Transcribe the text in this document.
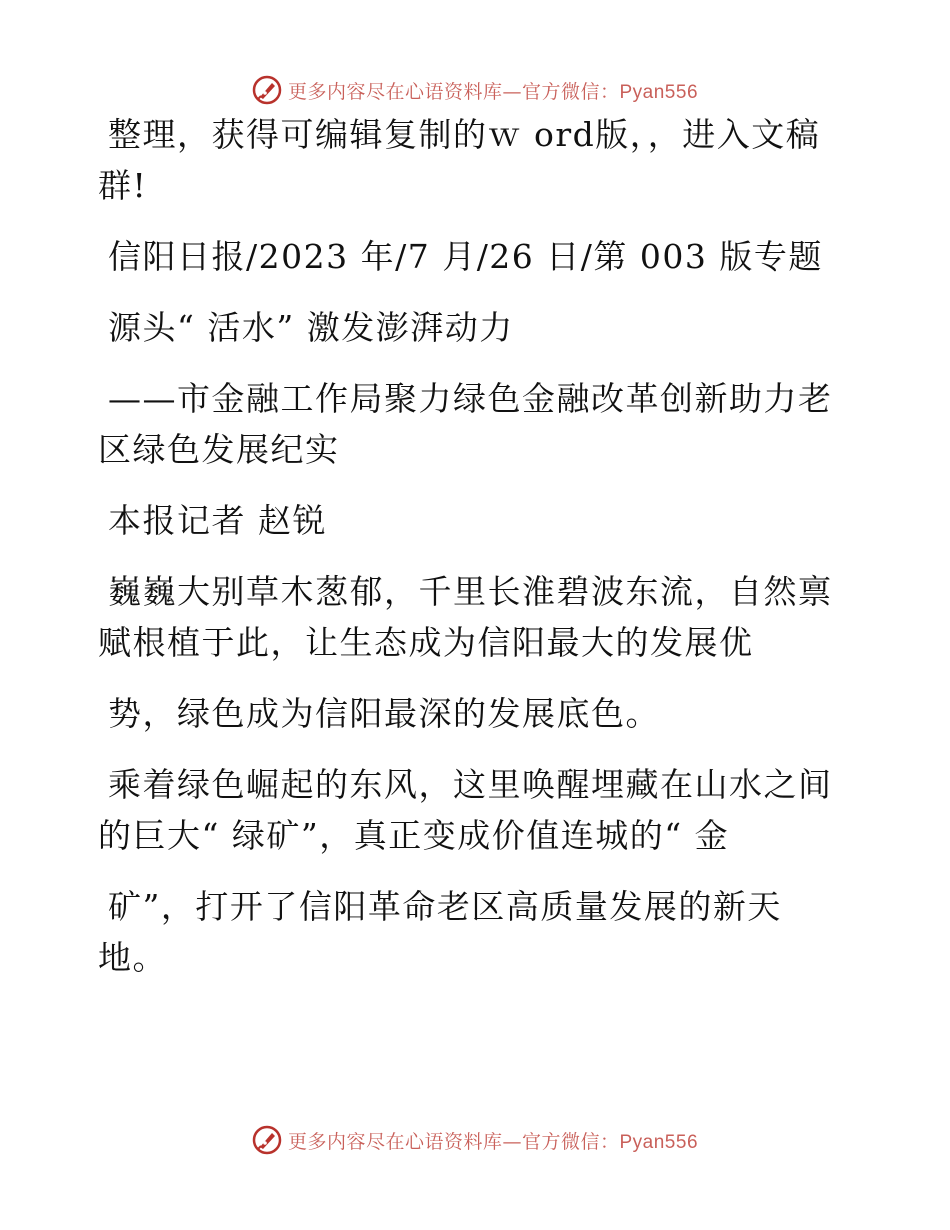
更多内容尽在心语资料库—官方微信：Pyan556
整理，获得可编辑复制的ｗ ord版，，进入文稿
群!
信阳日报/2023 年/7 月/26 日/第 003 版专题
源头“ 活水” 激发澎湃动力
——市金融工作局聚力绿色金融改革创新助力老
区绿色发展纪实
本报记者 赵锐
巍巍大别草木葱郁，千里长淮碧波东流，自然禀
赋根植于此，让生态成为信阳最大的发展优
势，绿色成为信阳最深的发展底色。
乘着绿色崛起的东风，这里唤醒埋藏在山水之间
的巨大“ 绿矿”，真正变成价值连城的“ 金
矿”，打开了信阳革命老区高质量发展的新天
地。
更多内容尽在心语资料库—官方微信：Pyan556
